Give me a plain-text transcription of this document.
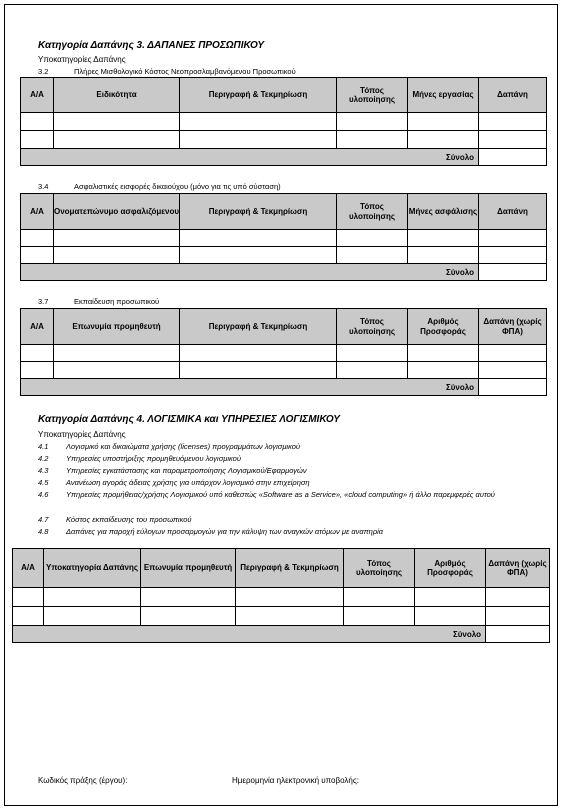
Κατηγορία Δαπάνης 3. ΔΑΠΑΝΕΣ ΠΡΟΣΩΠΙΚΟΥ
Υποκατηγορίες Δαπάνης
3.2	Πλήρες Μισθολογικό Κόστος Νεοπροσλαμβανόμενου Προσωπικού
Α/Α	Ειδικότητα	Περιγραφή & Τεκμηρίωση	Τόπος υλοποίησης	Μήνες εργασίας	Δαπάνη

Σύνολο					
3.4	Ασφαλιστικές εισφορές δικαιούχου (μόνο για τις υπό σύσταση)
Α/Α	Ονοματεπώνυμο ασφαλιζόμενου	Περιγραφή & Τεκμηρίωση	Τόπος υλοποίησης	Μήνες ασφάλισης	Δαπάνη

Σύνολο					
3.7	Εκπαίδευση προσωπικού
Α/Α	Επωνυμία προμηθευτή	Περιγραφή & Τεκμηρίωση	Τόπος υλοποίησης	Αριθμός Προσφοράς	Δαπάνη (χωρίς ΦΠΑ)

Σύνολο					
Κατηγορία Δαπάνης 4. ΛΟΓΙΣΜΙΚΑ και ΥΠΗΡΕΣΙΕΣ ΛΟΓΙΣΜΙΚΟΥ
Υποκατηγορίες Δαπάνης
4.1	Λογισμικό και δικαιώματα χρήσης (licenses) προγραμμάτων λογισμικού
4.2	Υπηρεσίες υποστήριξης προμηθευόμενου λογισμικού
4.3	Υπηρεσίες εγκατάστασης και παραμετροποίησης Λογισμικού/Εφαρμογών
4.5	Ανανέωση αγοράς άδειας χρήσης για υπάρχον λογισμικό στην επιχείρηση
4.6	Υπηρεσίες προμήθειας/χρήσης Λογισμικού υπό καθεστώς «Software as a Service», «cloud computing» ή άλλο παρεμφερές αυτού
4.7	Κόστος εκπαίδευσης του προσωπικού
4.8	Δαπάνες για παροχή εύλογων προσαρμογών για την κάλυψη των αναγκών ατόμων με αναπηρία
Α/Α	Υποκατηγορία Δαπάνης	Επωνυμία προμηθευτή	Περιγραφή & Τεκμηρίωση	Τόπος υλοποίησης	Αριθμός Προσφοράς	Δαπάνη (χωρίς ΦΠΑ)

Σύνολο						
Κωδικός πράξης (έργου):	Ημερομηνία ηλεκτρονική υποβολής:
